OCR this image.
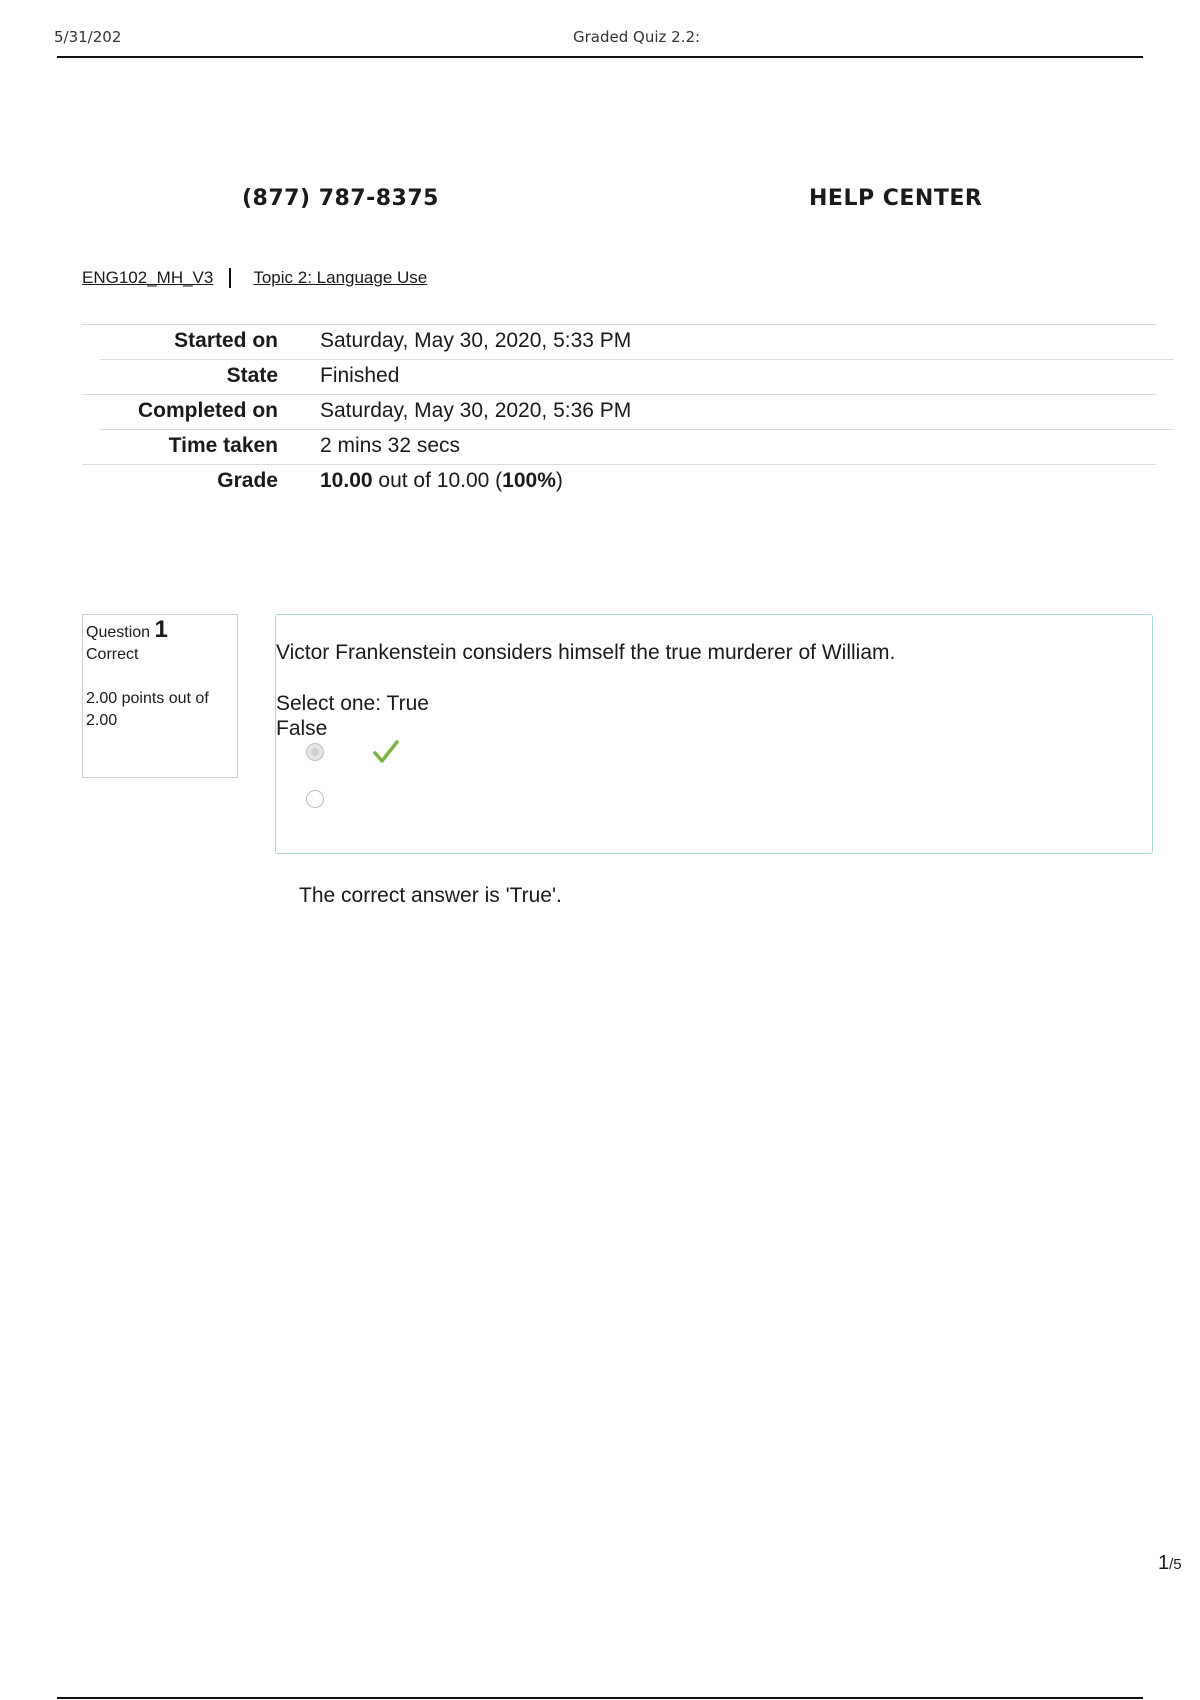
5/31/202	Graded Quiz 2.2:
(877) 787-8375	HELP CENTER
ENG102_MH_V3 Topic 2: Language Use
Started on Saturday, May 30, 2020, 5:33 PM
State Finished
Completed on Saturday, May 30, 2020, 5:36 PM
Time taken 2 mins 32 secs
Grade 10.00 out of 10.00 (100%)
Question 1
Correct
2.00 points out of 2.00
Victor Frankenstein considers himself the true murderer of William.
Select one: True
False
The correct answer is 'True'.
1/5
